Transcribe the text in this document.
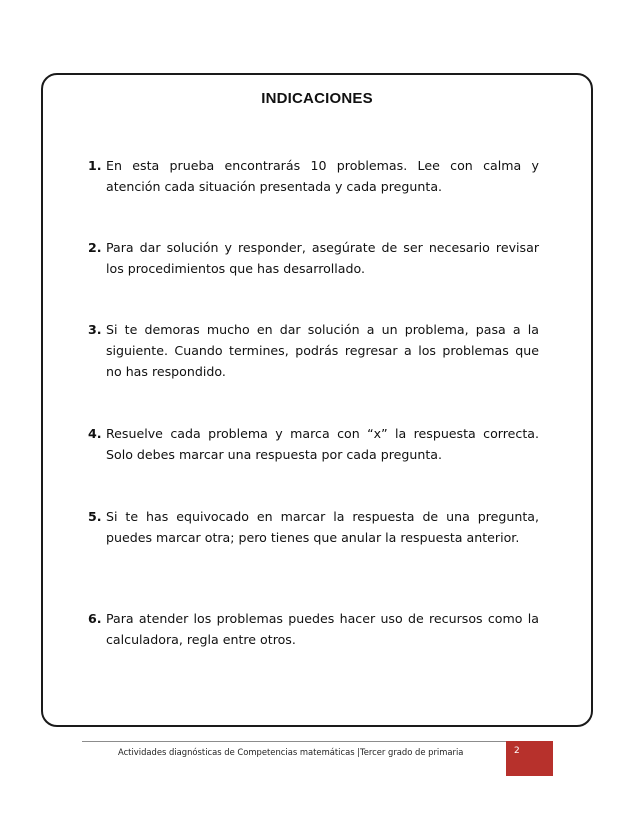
INDICACIONES
1. En esta prueba encontrarás 10 problemas. Lee con calma y atención cada situación presentada y cada pregunta.
2. Para dar solución y responder, asegúrate de ser necesario revisar los procedimientos que has desarrollado.
3. Si te demoras mucho en dar solución a un problema, pasa a la siguiente. Cuando termines, podrás regresar a los problemas que no has respondido.
4. Resuelve cada problema y marca con “x” la respuesta correcta. Solo debes marcar una respuesta por cada pregunta.
5. Si te has equivocado en marcar la respuesta de una pregunta, puedes marcar otra; pero tienes que anular la respuesta anterior.
6. Para atender los problemas puedes hacer uso de recursos como la calculadora, regla entre otros.
Actividades diagnósticas de Competencias matemáticas |Tercer grado de primaria	2
